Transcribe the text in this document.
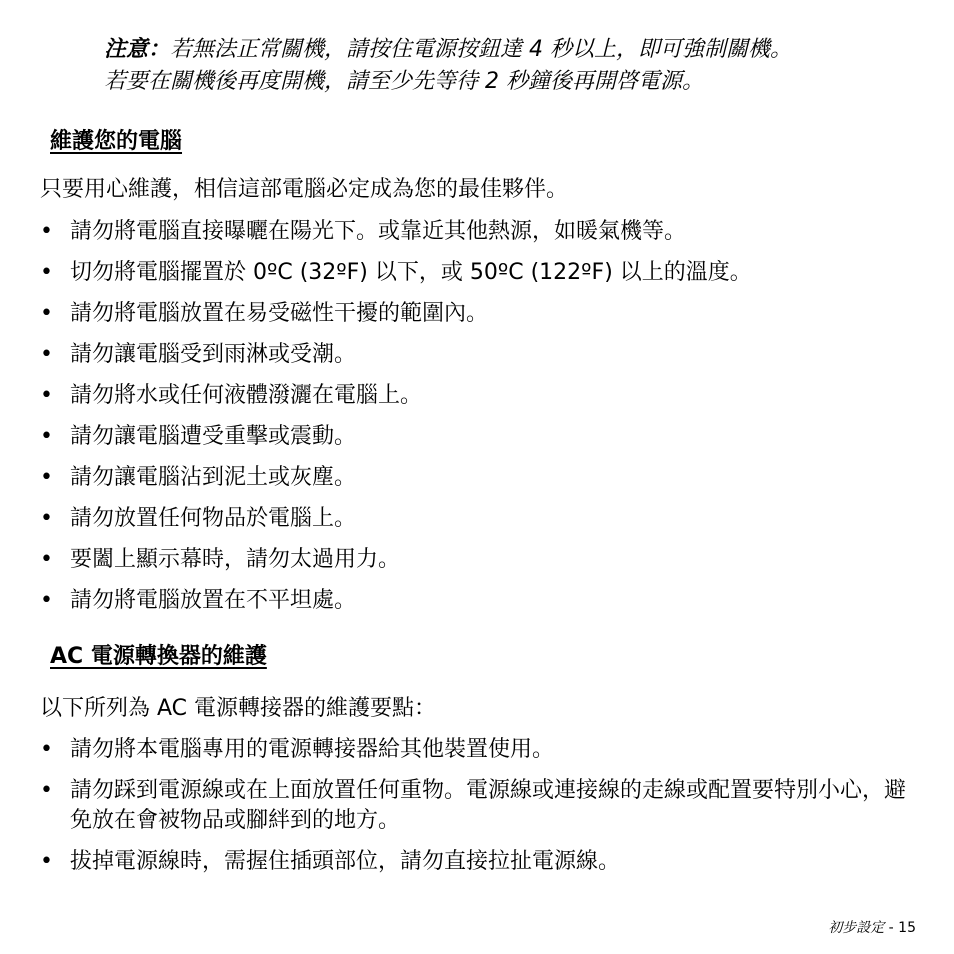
注意：若無法正常關機，請按住電源按鈕達 4 秒以上，即可強制關機。
若要在關機後再度開機，請至少先等待 2 秒鐘後再開啓電源。
維護您的電腦
只要用心維護，相信這部電腦必定成為您的最佳夥伴。
• 請勿將電腦直接曝曬在陽光下。或靠近其他熱源，如暖氣機等。
• 切勿將電腦擺置於 0ºC (32ºF) 以下，或 50ºC (122ºF) 以上的溫度。
• 請勿將電腦放置在易受磁性干擾的範圍內。
• 請勿讓電腦受到雨淋或受潮。
• 請勿將水或任何液體潑灑在電腦上。
• 請勿讓電腦遭受重擊或震動。
• 請勿讓電腦沾到泥土或灰塵。
• 請勿放置任何物品於電腦上。
• 要闔上顯示幕時，請勿太過用力。
• 請勿將電腦放置在不平坦處。
AC 電源轉換器的維護
以下所列為 AC 電源轉接器的維護要點：
• 請勿將本電腦專用的電源轉接器給其他裝置使用。
• 請勿踩到電源線或在上面放置任何重物。電源線或連接線的走線或配置要特別小心，避免放在會被物品或腳絆到的地方。
• 拔掉電源線時，需握住插頭部位，請勿直接拉扯電源線。
初步設定 - 15
